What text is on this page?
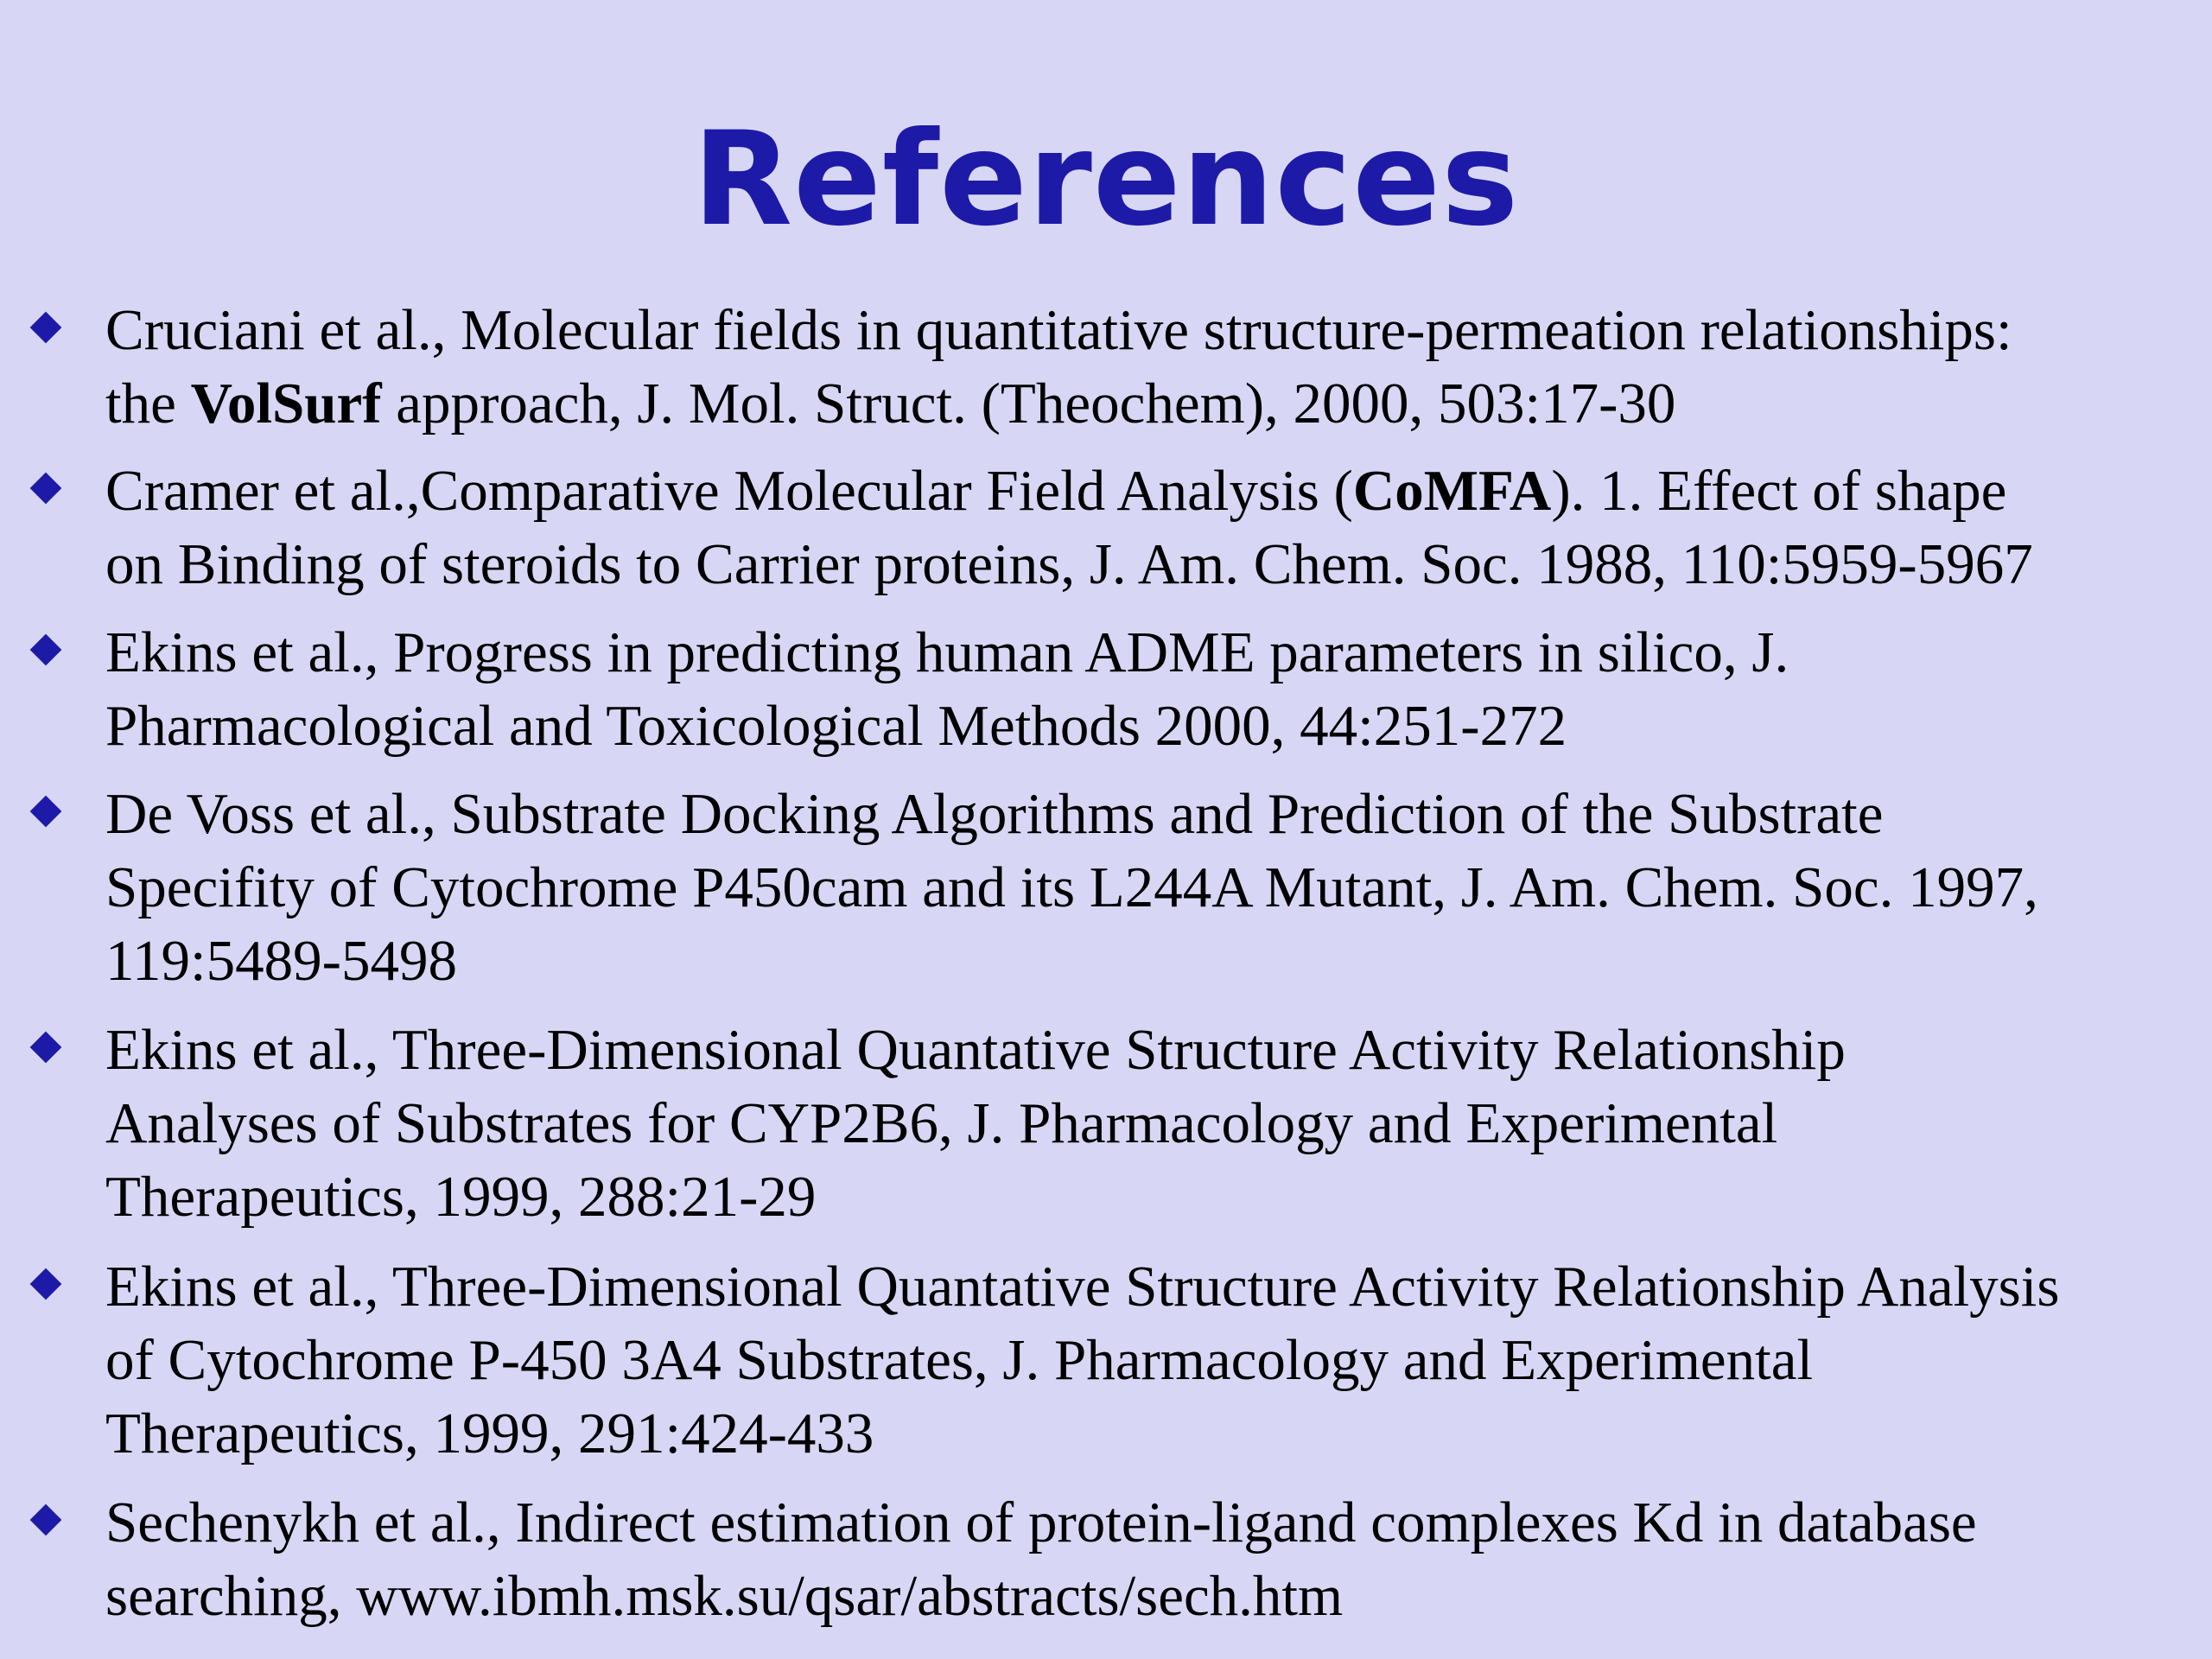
References
Cruciani et al., Molecular fields in quantitative structure-permeation relationships:
the VolSurf approach, J. Mol. Struct. (Theochem), 2000, 503:17-30
Cramer et al.,Comparative Molecular Field Analysis (CoMFA). 1. Effect of shape
on Binding of steroids to Carrier proteins, J. Am. Chem. Soc. 1988, 110:5959-5967
Ekins et al., Progress in predicting human ADME parameters in silico, J.
Pharmacological and Toxicological Methods 2000, 44:251-272
De Voss et al., Substrate Docking Algorithms and Prediction of the Substrate
Specifity of Cytochrome P450cam and its L244A Mutant, J. Am. Chem. Soc. 1997,
119:5489-5498
Ekins et al., Three-Dimensional Quantative Structure Activity Relationship
Analyses of Substrates for CYP2B6, J. Pharmacology and Experimental
Therapeutics, 1999, 288:21-29
Ekins et al., Three-Dimensional Quantative Structure Activity Relationship Analysis
of Cytochrome P-450 3A4 Substrates, J. Pharmacology and Experimental
Therapeutics, 1999, 291:424-433
Sechenykh et al., Indirect estimation of protein-ligand complexes Kd in database
searching, www.ibmh.msk.su/qsar/abstracts/sech.htm
